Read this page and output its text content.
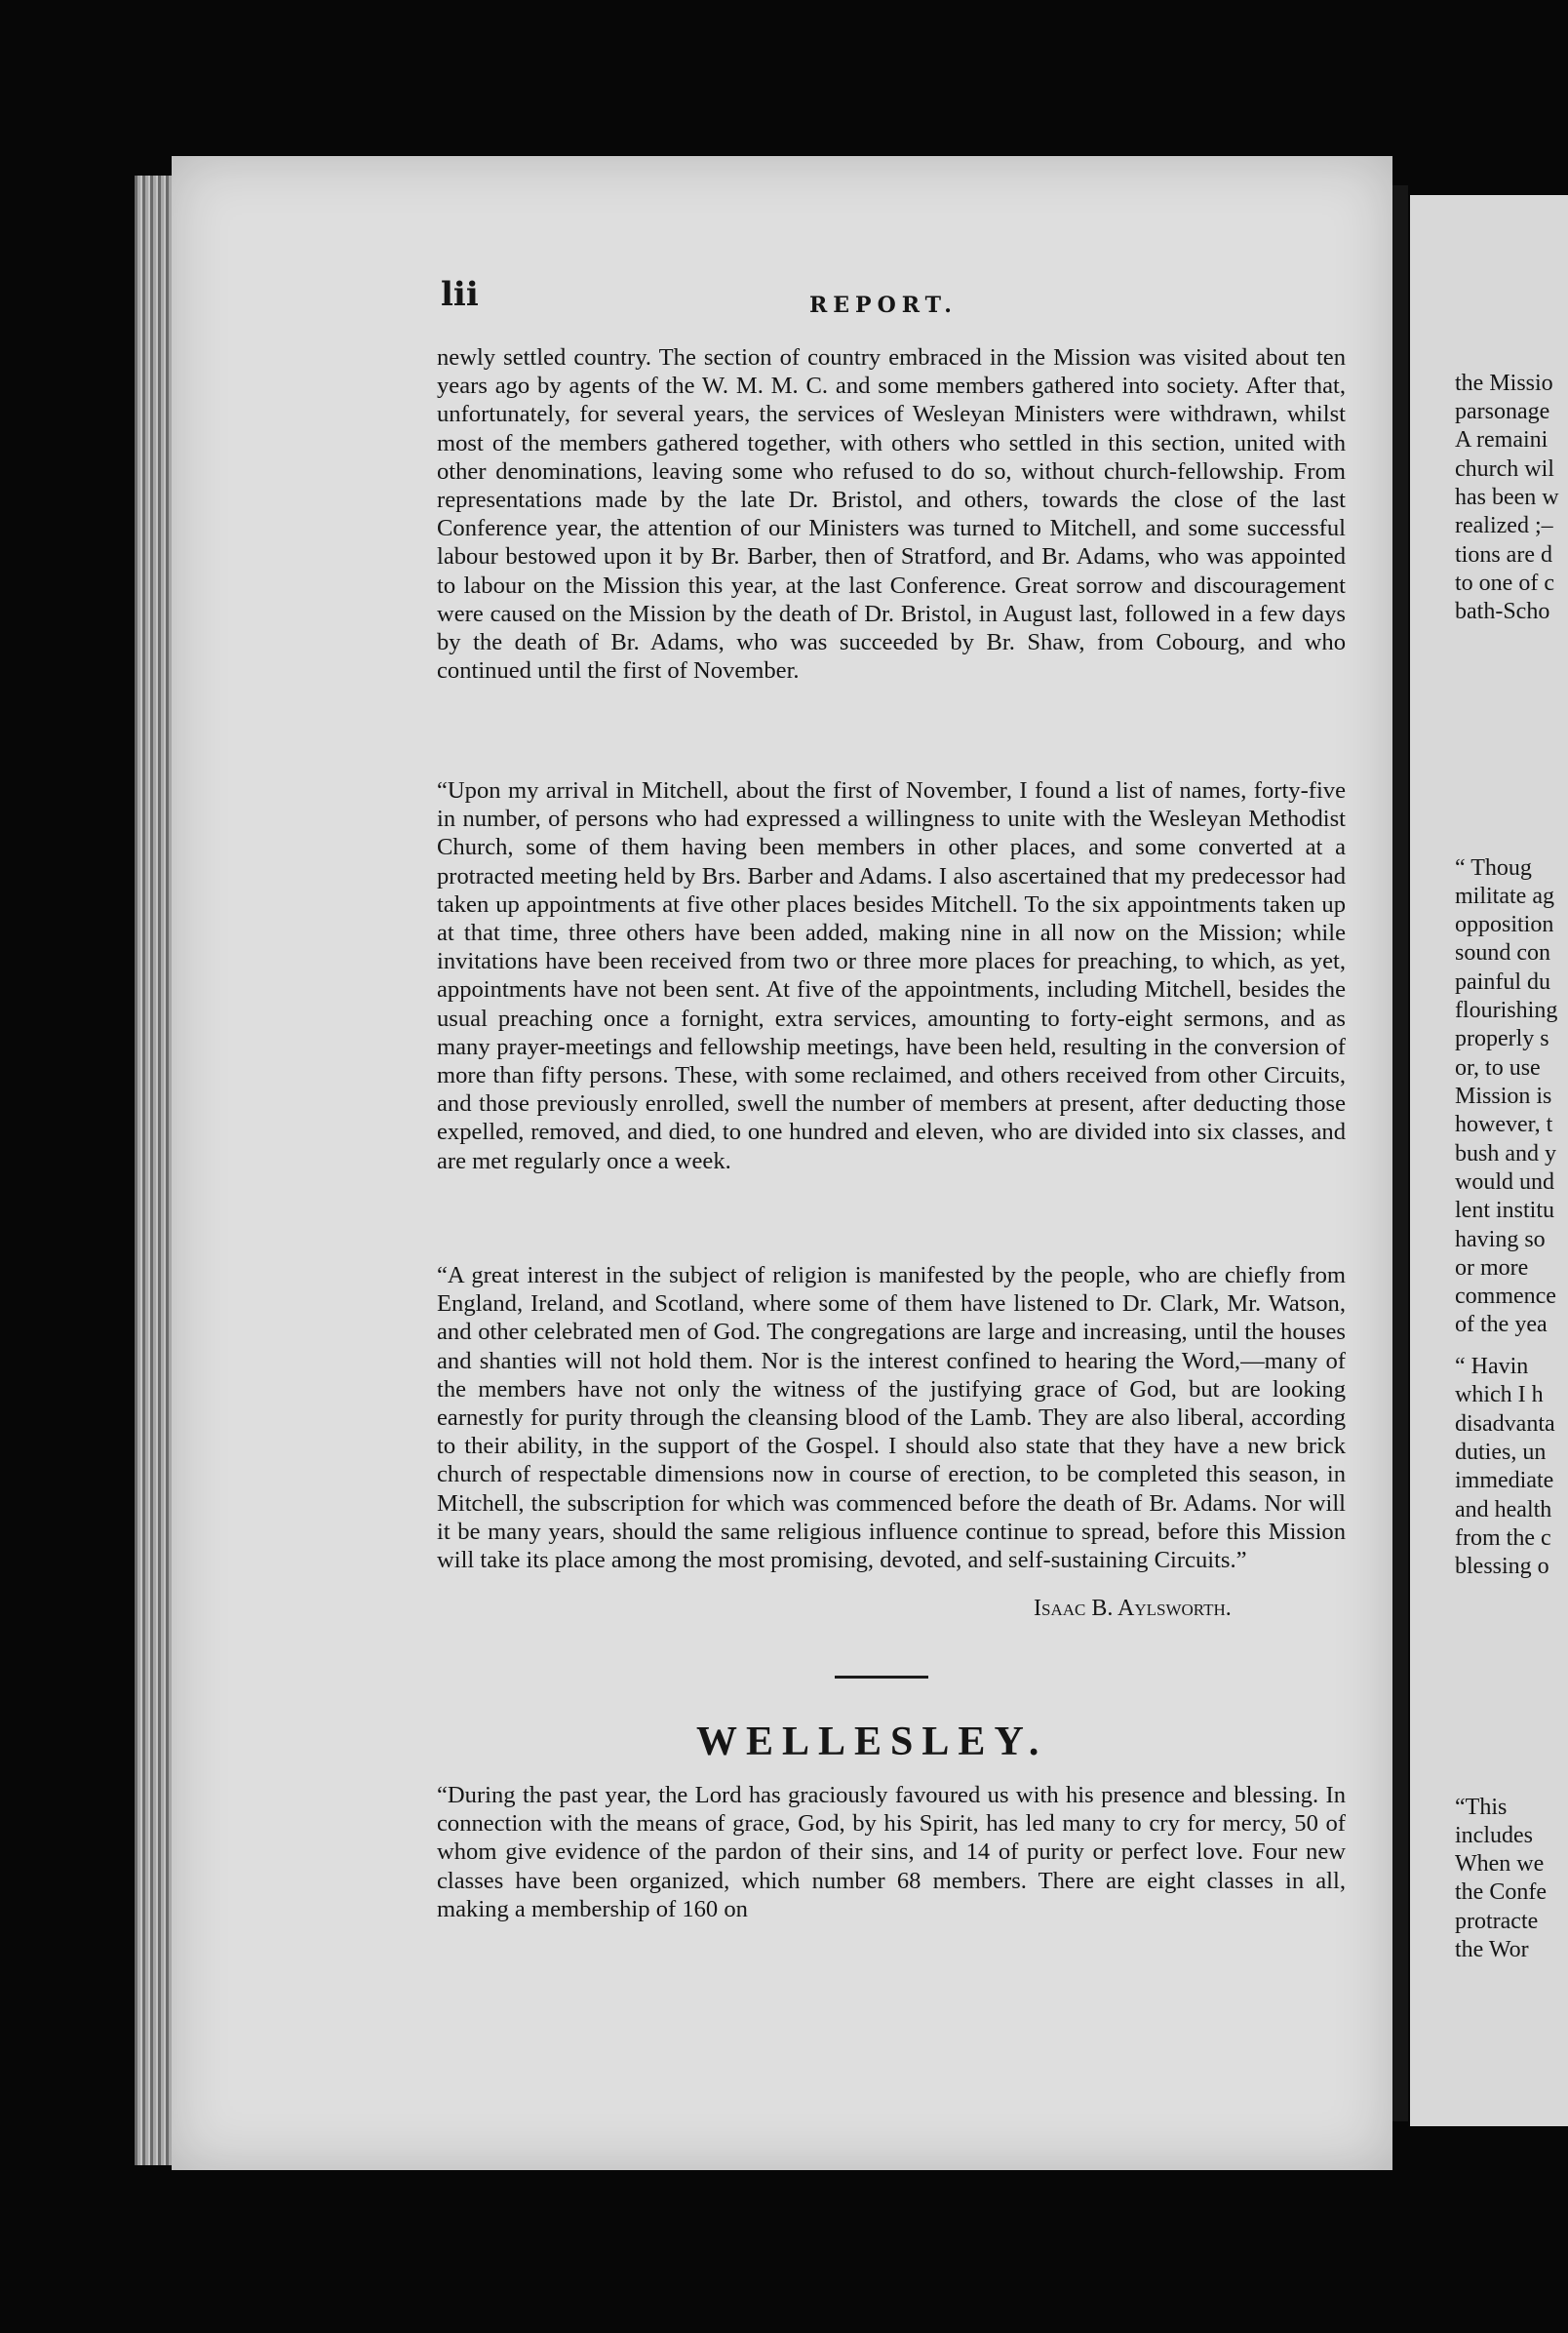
the Missio
parsonage
A remaini
church wil
has been w
realized ;–
tions are d
to one of c
bath-Scho
“ Thoug
militate ag
opposition
sound con
painful du
flourishing
properly s
or, to use
Mission is
however, t
bush and y
would und
lent institu
having so
or more
commence
of the yea
“ Havin
which I h
disadvanta
duties, un
immediate
and health
from the c
blessing o
“This
includes
When we
the Confe
protracte
the Wor
lii	REPORT.

newly settled country. The section of country embraced in the Mission was visited about ten years ago by agents of the W. M. M. C. and some members gathered into society. After that, unfortunately, for several years, the services of Wesleyan Ministers were withdrawn, whilst most of the members gathered together, with others who settled in this section, united with other denominations, leaving some who refused to do so, without church-fellowship. From representations made by the late Dr. Bristol, and others, towards the close of the last Conference year, the attention of our Ministers was turned to Mitchell, and some successful labour bestowed upon it by Br. Barber, then of Stratford, and Br. Adams, who was appointed to labour on the Mission this year, at the last Conference. Great sorrow and discouragement were caused on the Mission by the death of Dr. Bristol, in August last, followed in a few days by the death of Br. Adams, who was succeeded by Br. Shaw, from Cobourg, and who continued until the first of November.

“Upon my arrival in Mitchell, about the first of November, I found a list of names, forty-five in number, of persons who had expressed a willingness to unite with the Wesleyan Methodist Church, some of them having been members in other places, and some converted at a protracted meeting held by Brs. Barber and Adams. I also ascertained that my predecessor had taken up appointments at five other places besides Mitchell. To the six appointments taken up at that time, three others have been added, making nine in all now on the Mission; while invitations have been received from two or three more places for preaching, to which, as yet, appointments have not been sent. At five of the appointments, including Mitchell, besides the usual preaching once a fornight, extra services, amounting to forty-eight sermons, and as many prayer-meetings and fellowship meetings, have been held, resulting in the conversion of more than fifty persons. These, with some reclaimed, and others received from other Circuits, and those previously enrolled, swell the number of members at present, after deducting those expelled, removed, and died, to one hundred and eleven, who are divided into six classes, and are met regularly once a week.

“A great interest in the subject of religion is manifested by the people, who are chiefly from England, Ireland, and Scotland, where some of them have listened to Dr. Clark, Mr. Watson, and other celebrated men of God. The congregations are large and increasing, until the houses and shanties will not hold them. Nor is the interest confined to hearing the Word,—many of the members have not only the witness of the justifying grace of God, but are looking earnestly for purity through the cleansing blood of the Lamb. They are also liberal, according to their ability, in the support of the Gospel. I should also state that they have a new brick church of respectable dimensions now in course of erection, to be completed this season, in Mitchell, the subscription for which was commenced before the death of Br. Adams. Nor will it be many years, should the same religious influence continue to spread, before this Mission will take its place among the most promising, devoted, and self-sustaining Circuits.”

Isaac B. Aylsworth.
WELLESLEY.

“During the past year, the Lord has graciously favoured us with his presence and blessing. In connection with the means of grace, God, by his Spirit, has led many to cry for mercy, 50 of whom give evidence of the pardon of their sins, and 14 of purity or perfect love. Four new classes have been organized, which number 68 members. There are eight classes in all, making a membership of 160 on
